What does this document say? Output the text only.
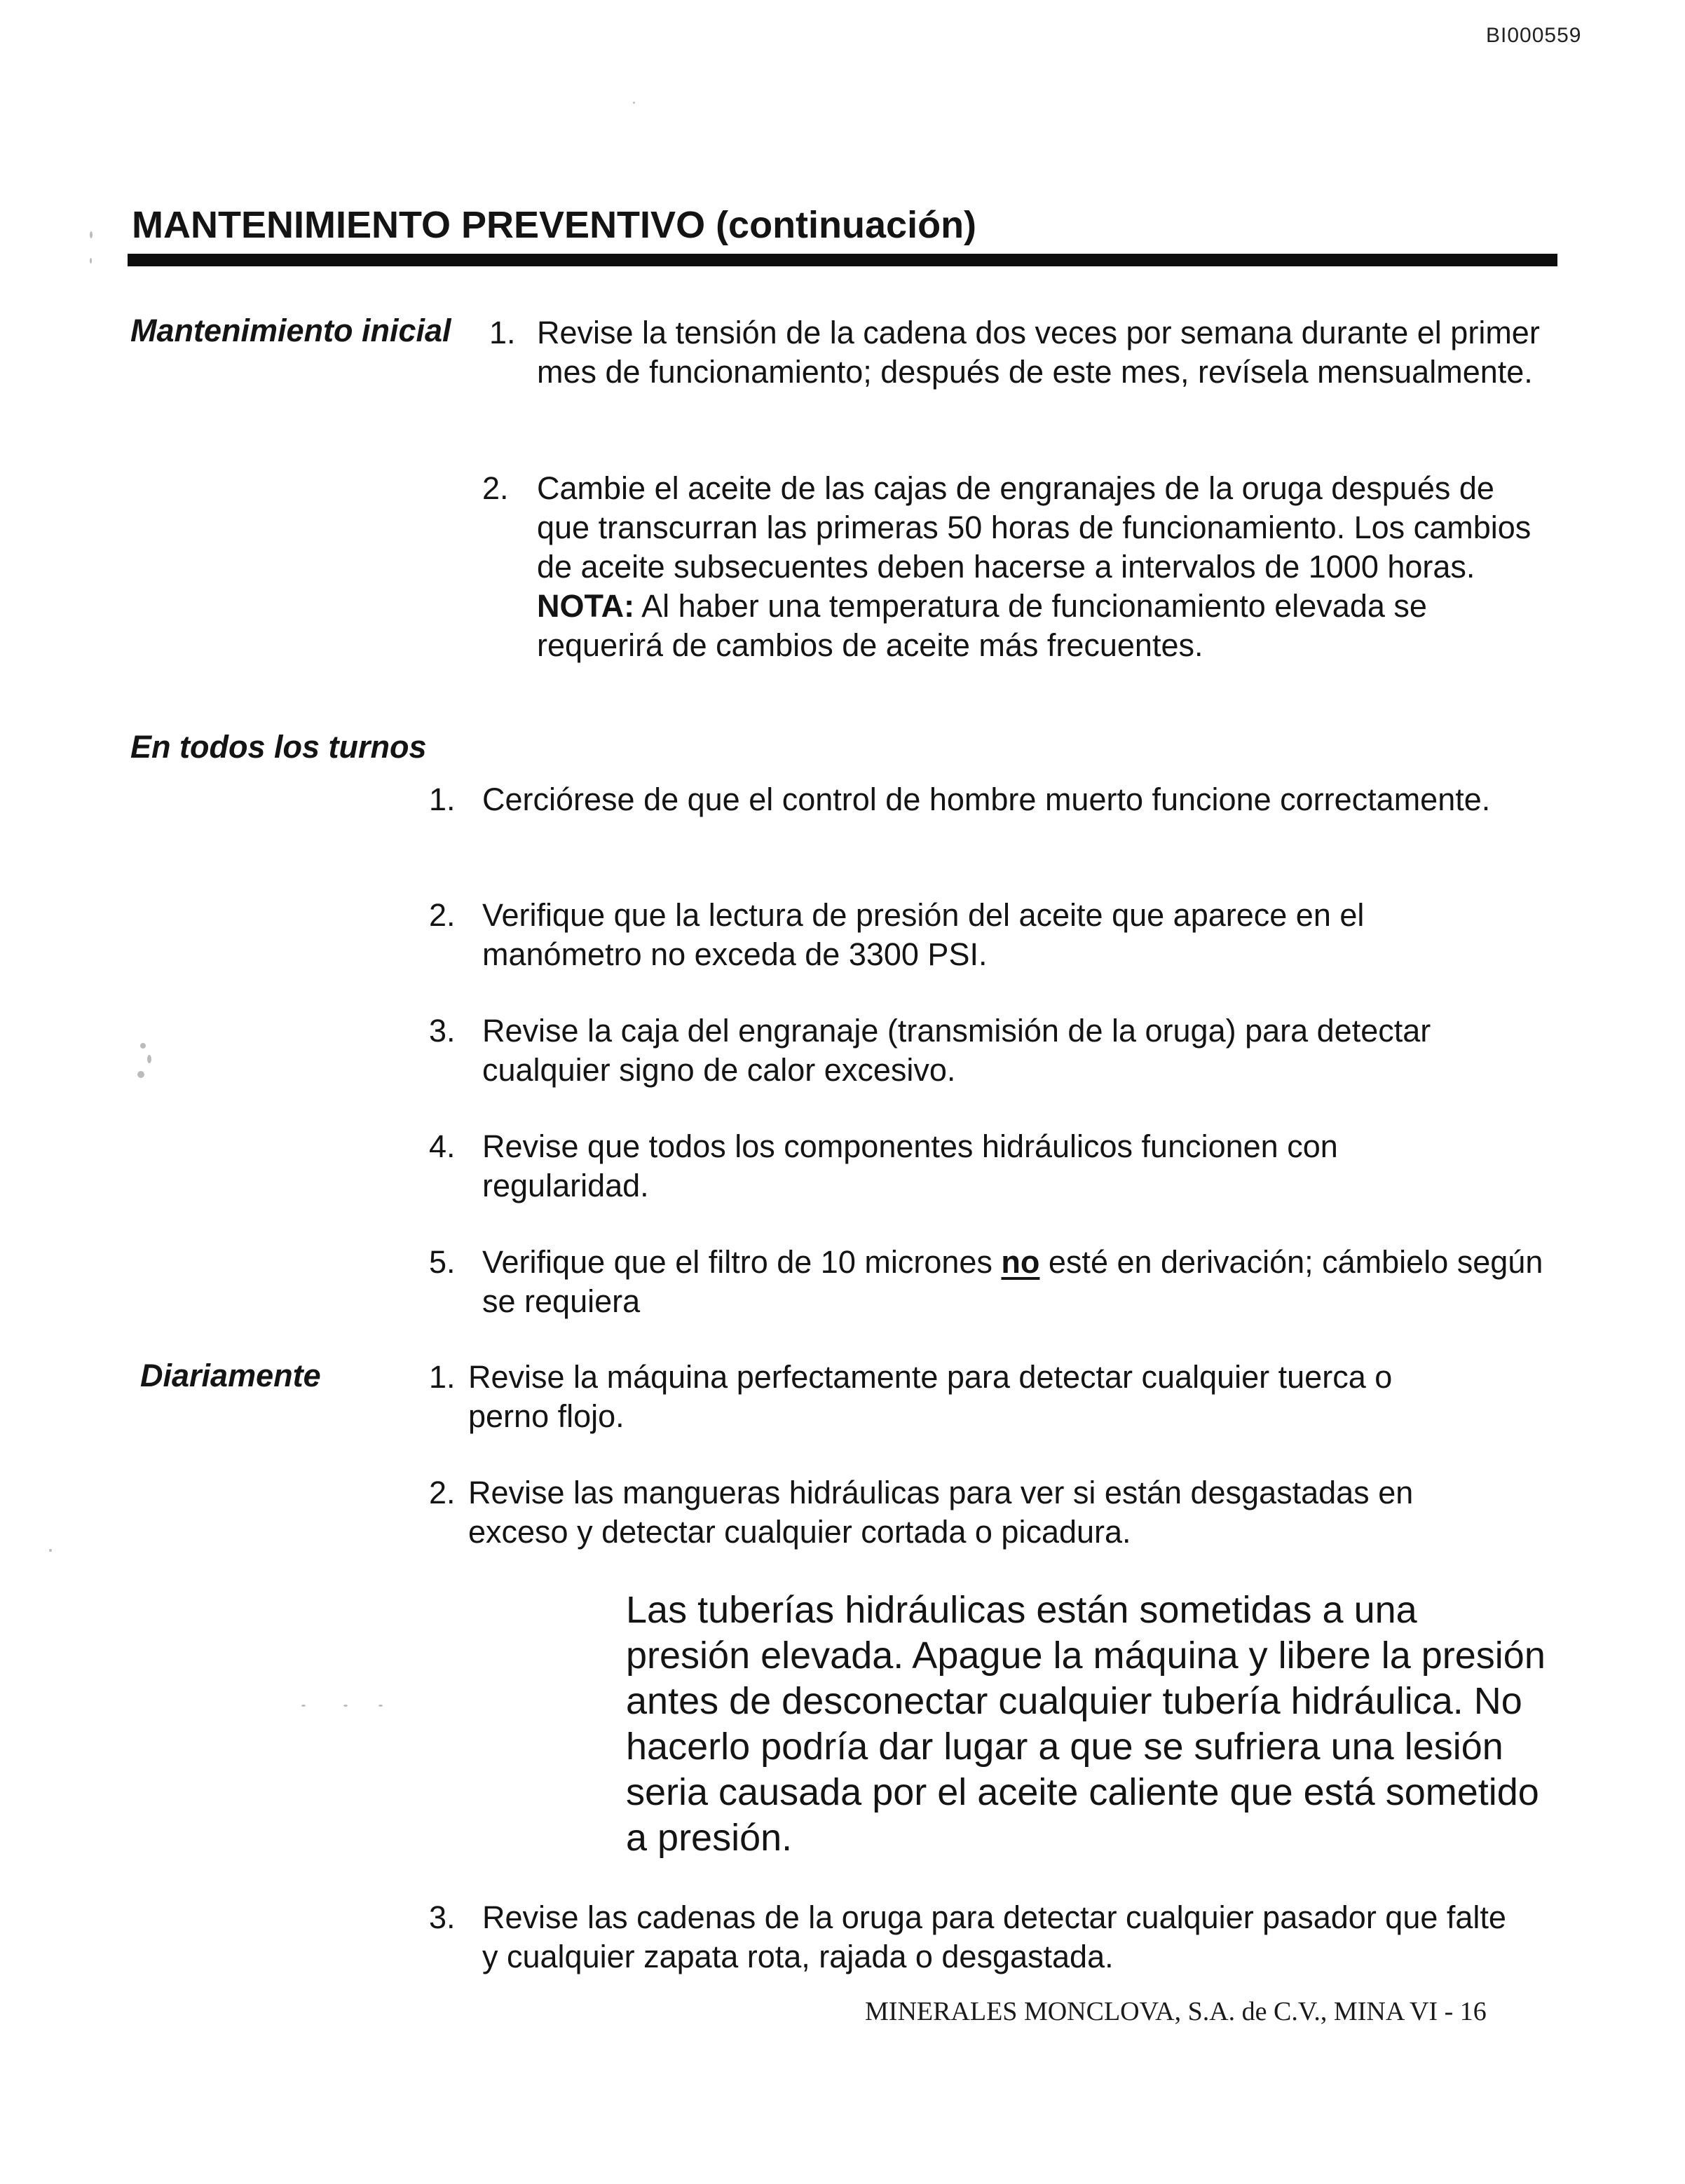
BI000559
MANTENIMIENTO PREVENTIVO (continuación)
Mantenimiento inicial 1. Revise la tensión de la cadena dos veces por semana durante el primer mes de funcionamiento; después de este mes, revísela mensualmente.
2. Cambie el aceite de las cajas de engranajes de la oruga después de que transcurran las primeras 50 horas de funcionamiento. Los cambios de aceite subsecuentes deben hacerse a intervalos de 1000 horas. NOTA: Al haber una temperatura de funcionamiento elevada se requerirá de cambios de aceite más frecuentes.
En todos los turnos
1. Cerciórese de que el control de hombre muerto funcione correctamente.
2. Verifique que la lectura de presión del aceite que aparece en el manómetro no exceda de 3300 PSI.
3. Revise la caja del engranaje (transmisión de la oruga) para detectar cualquier signo de calor excesivo.
4. Revise que todos los componentes hidráulicos funcionen con regularidad.
5. Verifique que el filtro de 10 micrones no esté en derivación; cámbielo según se requiera
Diariamente	1. Revise la máquina perfectamente para detectar cualquier tuerca o perno flojo.
2. Revise las mangueras hidráulicas para ver si están desgastadas en exceso y detectar cualquier cortada o picadura.
Las tuberías hidráulicas están sometidas a una presión elevada. Apague la máquina y libere la presión antes de desconectar cualquier tubería hidráulica. No hacerlo podría dar lugar a que se sufriera una lesión seria causada por el aceite caliente que está sometido a presión.
3. Revise las cadenas de la oruga para detectar cualquier pasador que falte y cualquier zapata rota, rajada o desgastada.
MINERALES MONCLOVA, S.A. de C.V., MINA VI - 16
